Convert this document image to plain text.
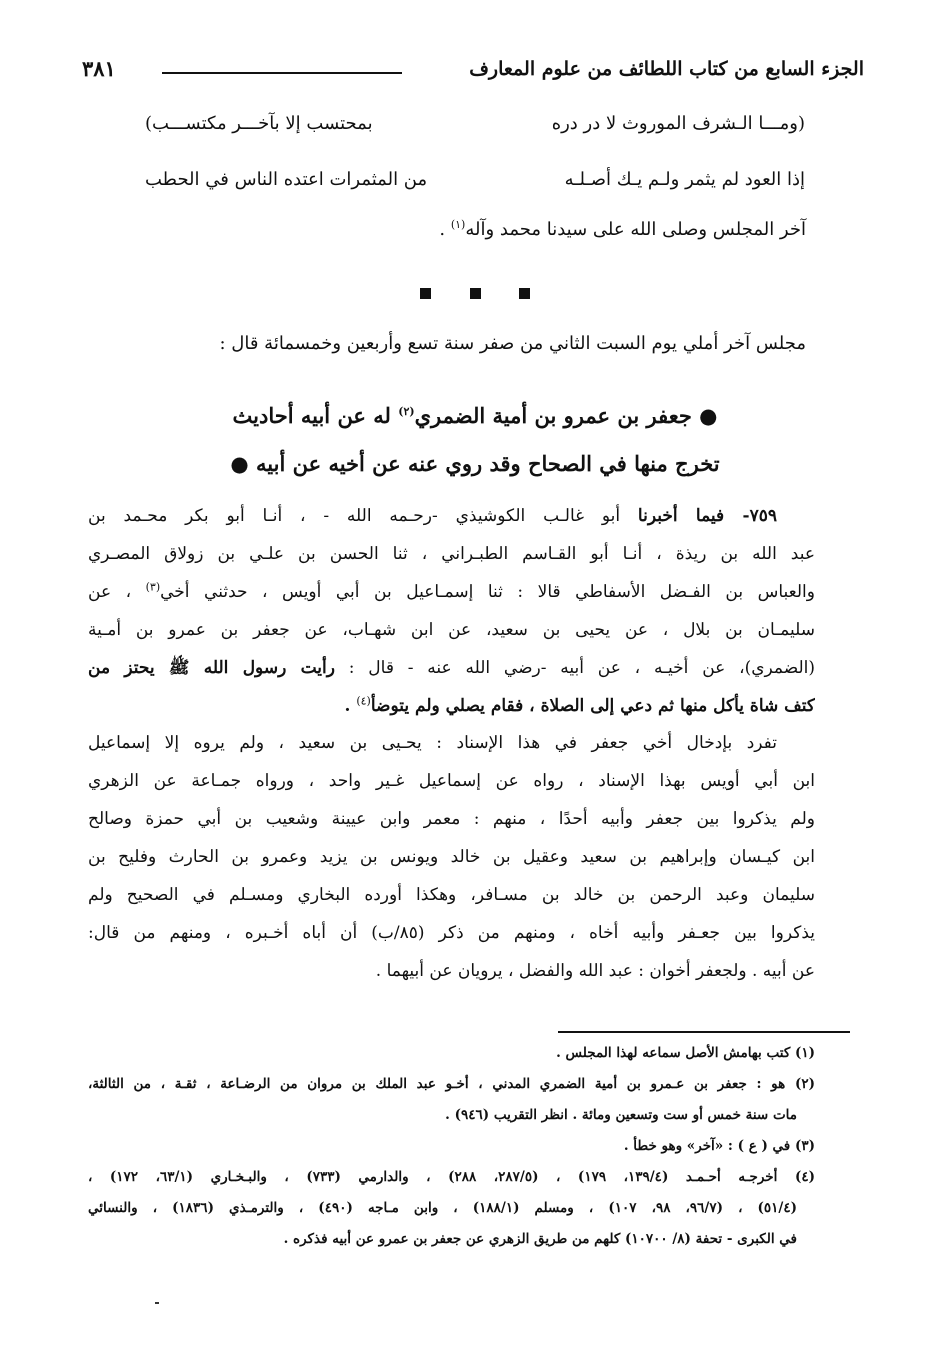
الجزء السابع من كتاب اللطائف من علوم المعارف
٣٨١
(ومـــا الـشرف الموروث لا در دره
بمحتسب إلا بآخـــر مكتســـب)
إذا العود لم يثمر ولـم يـك أصـلـه
من المثمرات اعتده الناس في الحطب
آخر المجلس وصلى الله على سيدنا محمد وآله$^{(١)}$ .
مجلس آخر أملي يوم السبت الثاني من صفر سنة تسع وأربعين وخمسمائة قال :
● جعفر بن عمرو بن أمية الضمري$^{(٢)}$ له عن أبيه أحاديث
تخرج منها في الصحاح وقد روي عنه عن أخيه عن أبيه ●
٧٥٩- فيما أخبرنا أبو غالـب الكوشيذي -رحـمه الله - ، أنـا أبو بكر محـمد بن
عبد الله بن ريذة ، أنـا أبو القـاسم الطبـراني ، ثنا الحسن بن علـي بن زولاق المصـري
والعباس بن الفـضل الأسفاطي قالا : ثنا إسمـاعيل بن أبي أويس ، حدثني أخي$^{(٣)}$ ، عن
سليمـان بن بلال ، عن يحيى بن سعيد، عن ابن شهـاب، عن جعفر بن عمرو بن أمـية
(الضمري)، عن أخيـه ، عن أبيه -رضي الله عنه - قال : رأيت رسول الله ﷺ يحتز من
كتف شاة يأكل منها ثم دعي إلى الصلاة ، فقام يصلي ولم يتوضأ$^{(٤)}$ .
تفرد بإدخال أخي جعفر في هذا الإسناد : يحـيى بن سعيد ، ولم يروه إلا إسماعيل
ابن أبي أويس بهذا الإسناد ، رواه عن إسماعيل غـير واحد ، ورواه جمـاعة عن الزهري
ولم يذكروا بين جعفر وأبيه أحدًا ، منهم : معمر وابن عيينة وشعيب بن أبي حمزة وصالح
ابن كيـسان وإبراهيم بن سعيد وعقيل بن خالد ويونس بن يزيد وعمرو بن الحارث وفليح بن
سليمان وعبد الرحمن بن خالد بن مسـافر، وهكذا أورده البخاري ومسـلم في الصحيح ولم
يذكروا بين جعـفر وأبيه أخاه ، ومنهم من ذكر (٨٥/ب) أن أباه أخـبره ، ومنهم من قال:
عن أبيه . ولجعفر أخوان : عبد الله والفضل ، يرويان عن أبيهما .
(١) كتب بهامش الأصل سماعه لهذا المجلس .
(٢) هو : جعفر بن عـمرو بن أمية الضمري المدني ، أخـو عبد الملك بن مروان من الرضـاعة ، ثقـة ، من الثالثة،
مات سنة خمس أو ست وتسعين ومائة . انظر التقريب (٩٤٦) .
(٣) في ( ع ) : «آخر» وهو خطأ .
(٤) أخرجـه أحـمـد (١٣٩/٤، ١٧٩) ، (٢٨٧/٥، ٢٨٨) ، والدارمي (٧٣٣) ، والبـخـاري (٦٣/١، ١٧٢) ،
(٥١/٤) ، (٩٦/٧، ٩٨، ١٠٧) ، ومسلم (١٨٨/١) ، وابن مـاجه (٤٩٠) ، والترمـذي (١٨٣٦) ، والنسائي
في الكبرى - تحفة (٨/ ١٠٧٠٠) كلهم من طريق الزهري عن جعفر بن عمرو عن أبيه فذكره .
